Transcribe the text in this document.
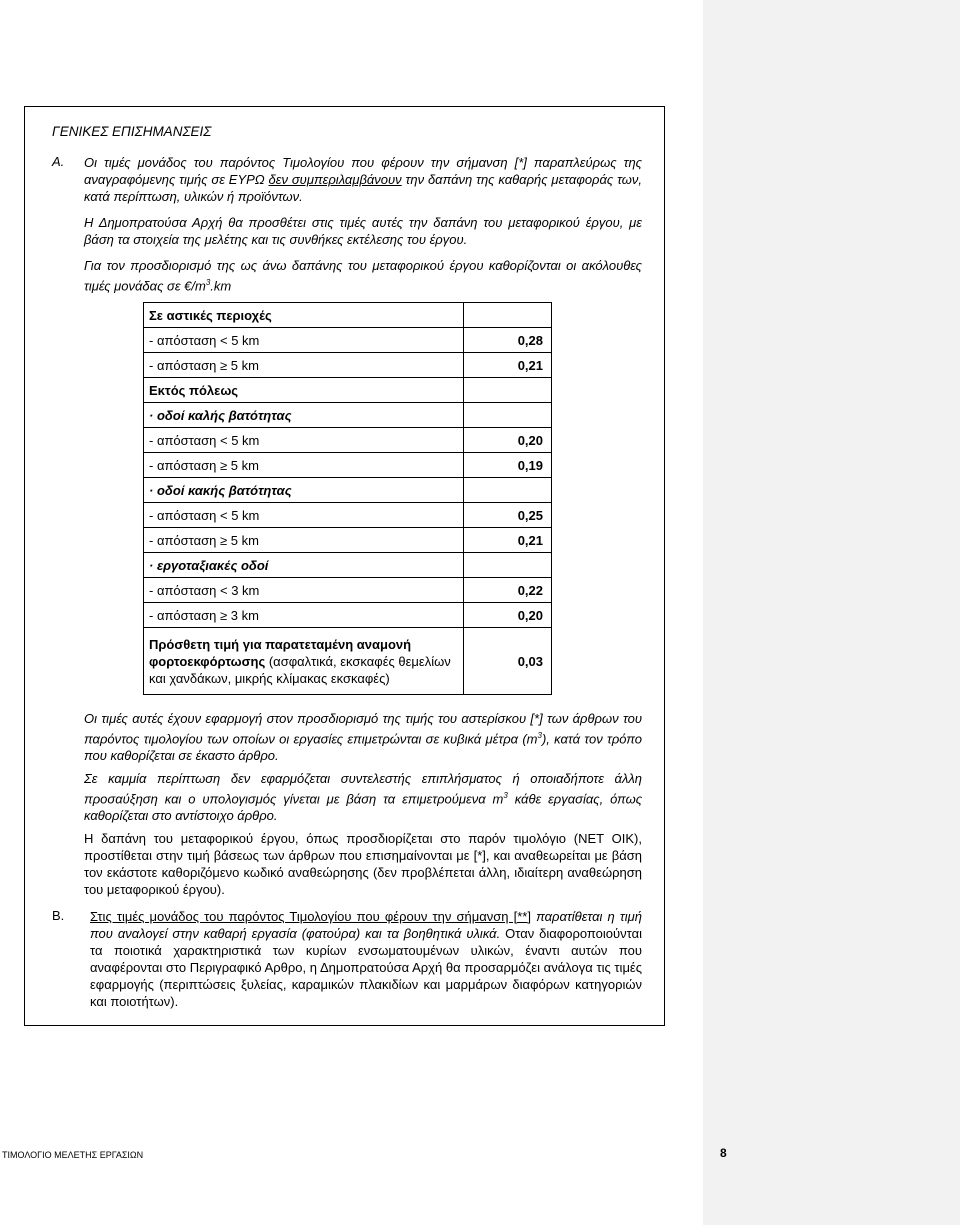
ΓΕΝΙΚΕΣ ΕΠΙΣΗΜΑΝΣΕΙΣ
Α. Οι τιμές μονάδος του παρόντος Τιμολογίου που φέρουν την σήμανση [*] παραπλεύρως της αναγραφόμενης τιμής σε ΕΥΡΩ δεν συμπεριλαμβάνουν την δαπάνη της καθαρής μεταφοράς των, κατά περίπτωση, υλικών ή προϊόντων.

Η Δημοπρατούσα Αρχή θα προσθέτει στις τιμές αυτές την δαπάνη του μεταφορικού έργου, με βάση τα στοιχεία της μελέτης και τις συνθήκες εκτέλεσης του έργου.

Για τον προσδιορισμό της ως άνω δαπάνης του μεταφορικού έργου καθορίζονται οι ακόλουθες τιμές μονάδας σε $€/m^3.km$

Σε αστικές περιοχές	
- απόσταση < 5 km	0,28
- απόσταση ≥ 5 km	0,21
Εκτός πόλεως	
· οδοί καλής βατότητας	
- απόσταση < 5 km	0,20
- απόσταση ≥ 5 km	0,19
· οδοί κακής βατότητας	
- απόσταση < 5 km	0,25
- απόσταση ≥ 5 km	0,21
· εργοταξιακές οδοί	
- απόσταση < 3 km	0,22
- απόσταση ≥ 3 km	0,20
Πρόσθετη τιμή για παρατεταμένη αναμονή φορτοεκφόρτωσης (ασφαλτικά, εκσκαφές θεμελίων και χανδάκων, μικρής κλίμακας εκσκαφές)	0,03

Οι τιμές αυτές έχουν εφαρμογή στον προσδιορισμό της τιμής του αστερίσκου [*] των άρθρων του παρόντος τιμολογίου των οποίων οι εργασίες επιμετρώνται σε κυβικά μέτρα $(m^3)$, κατά τον τρόπο που καθορίζεται σε έκαστο άρθρο.

Σε καμμία περίπτωση δεν εφαρμόζεται συντελεστής επιπλήσματος ή οποιαδήποτε άλλη προσαύξηση και ο υπολογισμός γίνεται με βάση τα επιμετρούμενα $m^3$ κάθε εργασίας, όπως καθορίζεται στο αντίστοιχο άρθρο.

Η δαπάνη του μεταφορικού έργου, όπως προσδιορίζεται στο παρόν τιμολόγιο (ΝΕΤ ΟΙΚ), προστίθεται στην τιμή βάσεως των άρθρων που επισημαίνονται με [*], και αναθεωρείται με βάση τον εκάστοτε καθοριζόμενο κωδικό αναθεώρησης (δεν προβλέπεται άλλη, ιδιαίτερη αναθεώρηση του μεταφορικού έργου).

Β. Στις τιμές μονάδος του παρόντος Τιμολογίου που φέρουν την σήμανση [**] παρατίθεται η τιμή που αναλογεί στην καθαρή εργασία (φατούρα) και τα βοηθητικά υλικά. Οταν διαφοροποιούνται τα ποιοτικά χαρακτηριστικά των κυρίων ενσωματουμένων υλικών, έναντι αυτών που αναφέρονται στο Περιγραφικό Αρθρο, η Δημοπρατούσα Αρχή θα προσαρμόζει ανάλογα τις τιμές εφαρμογής (περιπτώσεις ξυλείας, καραμικών πλακιδίων και μαρμάρων διαφόρων κατηγοριών και ποιοτήτων).

ΤΙΜΟΛΟΓΙΟ ΜΕΛΕΤΗΣ ΕΡΓΑΣΙΩΝ	8
